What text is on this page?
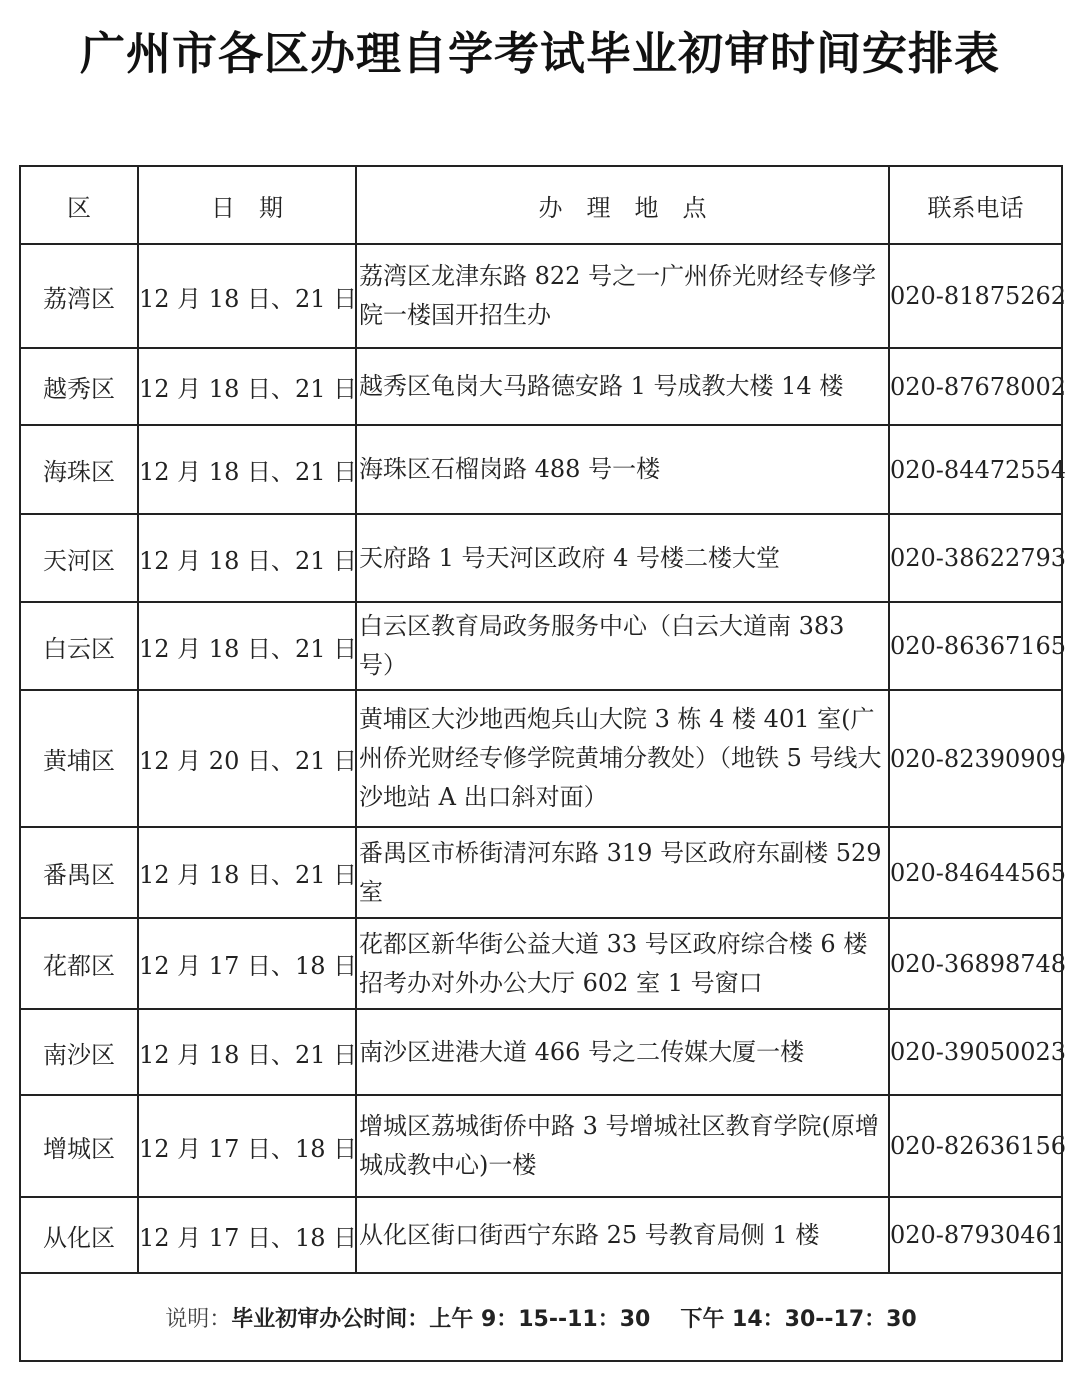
广州市各区办理自学考试毕业初审时间安排表
区	日　期	办　理　地　点	联系电话
荔湾区	12 月 18 日、21 日	荔湾区龙津东路 822 号之一广州侨光财经专修学院一楼国开招生办	020-81875262
越秀区	12 月 18 日、21 日	越秀区龟岗大马路德安路 1 号成教大楼 14 楼	020-87678002
海珠区	12 月 18 日、21 日	海珠区石榴岗路 488 号一楼	020-84472554
天河区	12 月 18 日、21 日	天府路 1 号天河区政府 4 号楼二楼大堂	020-38622793
白云区	12 月 18 日、21 日	白云区教育局政务服务中心（白云大道南 383 号）	020-86367165
黄埔区	12 月 20 日、21 日	黄埔区大沙地西炮兵山大院 3 栋 4 楼 401 室(广州侨光财经专修学院黄埔分教处）（地铁 5 号线大沙地站 A 出口斜对面）	020-82390909
番禺区	12 月 18 日、21 日	番禺区市桥街清河东路 319 号区政府东副楼 529 室	020-84644565
花都区	12 月 17 日、18 日	花都区新华街公益大道 33 号区政府综合楼 6 楼招考办对外办公大厅 602 室 1 号窗口	020-36898748
南沙区	12 月 18 日、21 日	南沙区进港大道 466 号之二传媒大厦一楼	020-39050023
增城区	12 月 17 日、18 日	增城区荔城街侨中路 3 号增城社区教育学院(原增城成教中心)一楼	020-82636156
从化区	12 月 17 日、18 日	从化区街口街西宁东路 25 号教育局侧 1 楼	020-87930461
说明：毕业初审办公时间：上午 9：15--11：30 下午 14：30--17：30			
